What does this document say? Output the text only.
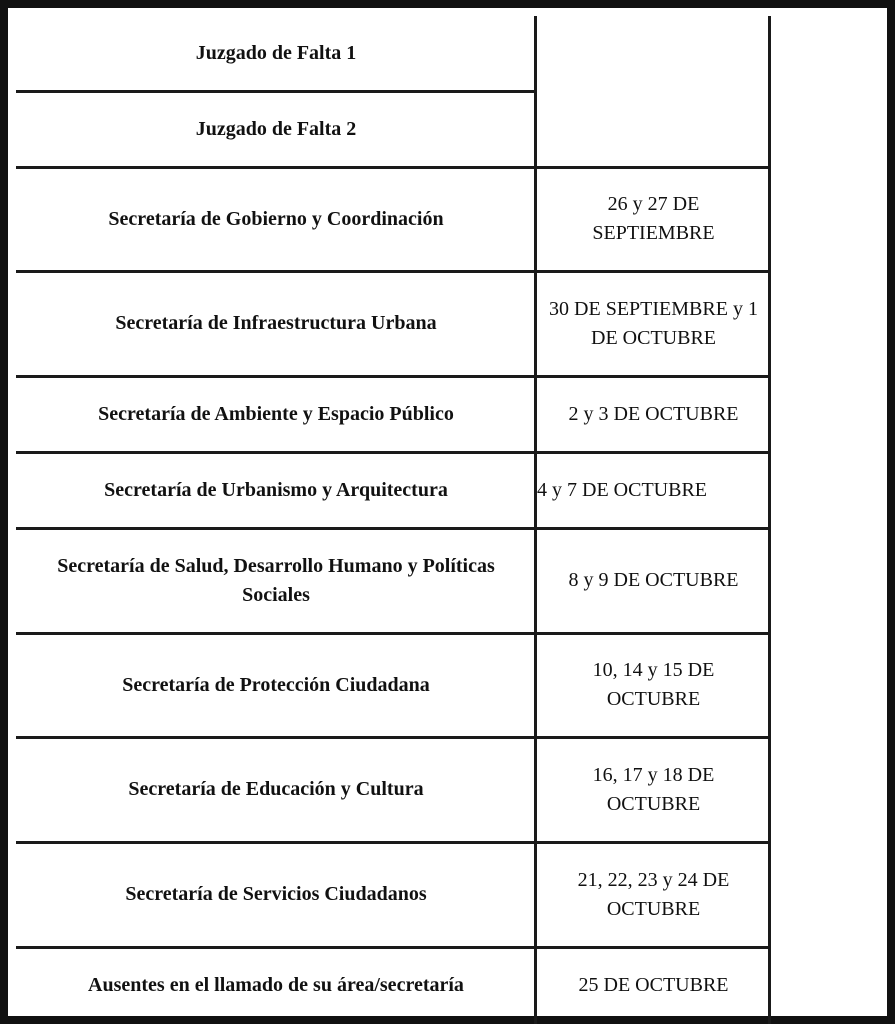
Juzgado de Falta 1
Juzgado de Falta 2
Secretaría de Gobierno y Coordinación
Secretaría de Infraestructura Urbana
Secretaría de Ambiente y Espacio Público
Secretaría de Urbanismo y Arquitectura
Secretaría de Salud, Desarrollo Humano y Políticas Sociales
Secretaría de Protección Ciudadana
Secretaría de Educación y Cultura
Secretaría de Servicios Ciudadanos
Ausentes en el llamado de su área/secretaría
26 y 27 DE SEPTIEMBRE
30 DE SEPTIEMBRE y 1 DE OCTUBRE
2 y 3 DE OCTUBRE
4 y 7 DE OCTUBRE
8 y 9 DE OCTUBRE
10, 14 y 15 DE OCTUBRE
16, 17 y 18 DE OCTUBRE
21, 22, 23 y 24 DE OCTUBRE
25 DE OCTUBRE
